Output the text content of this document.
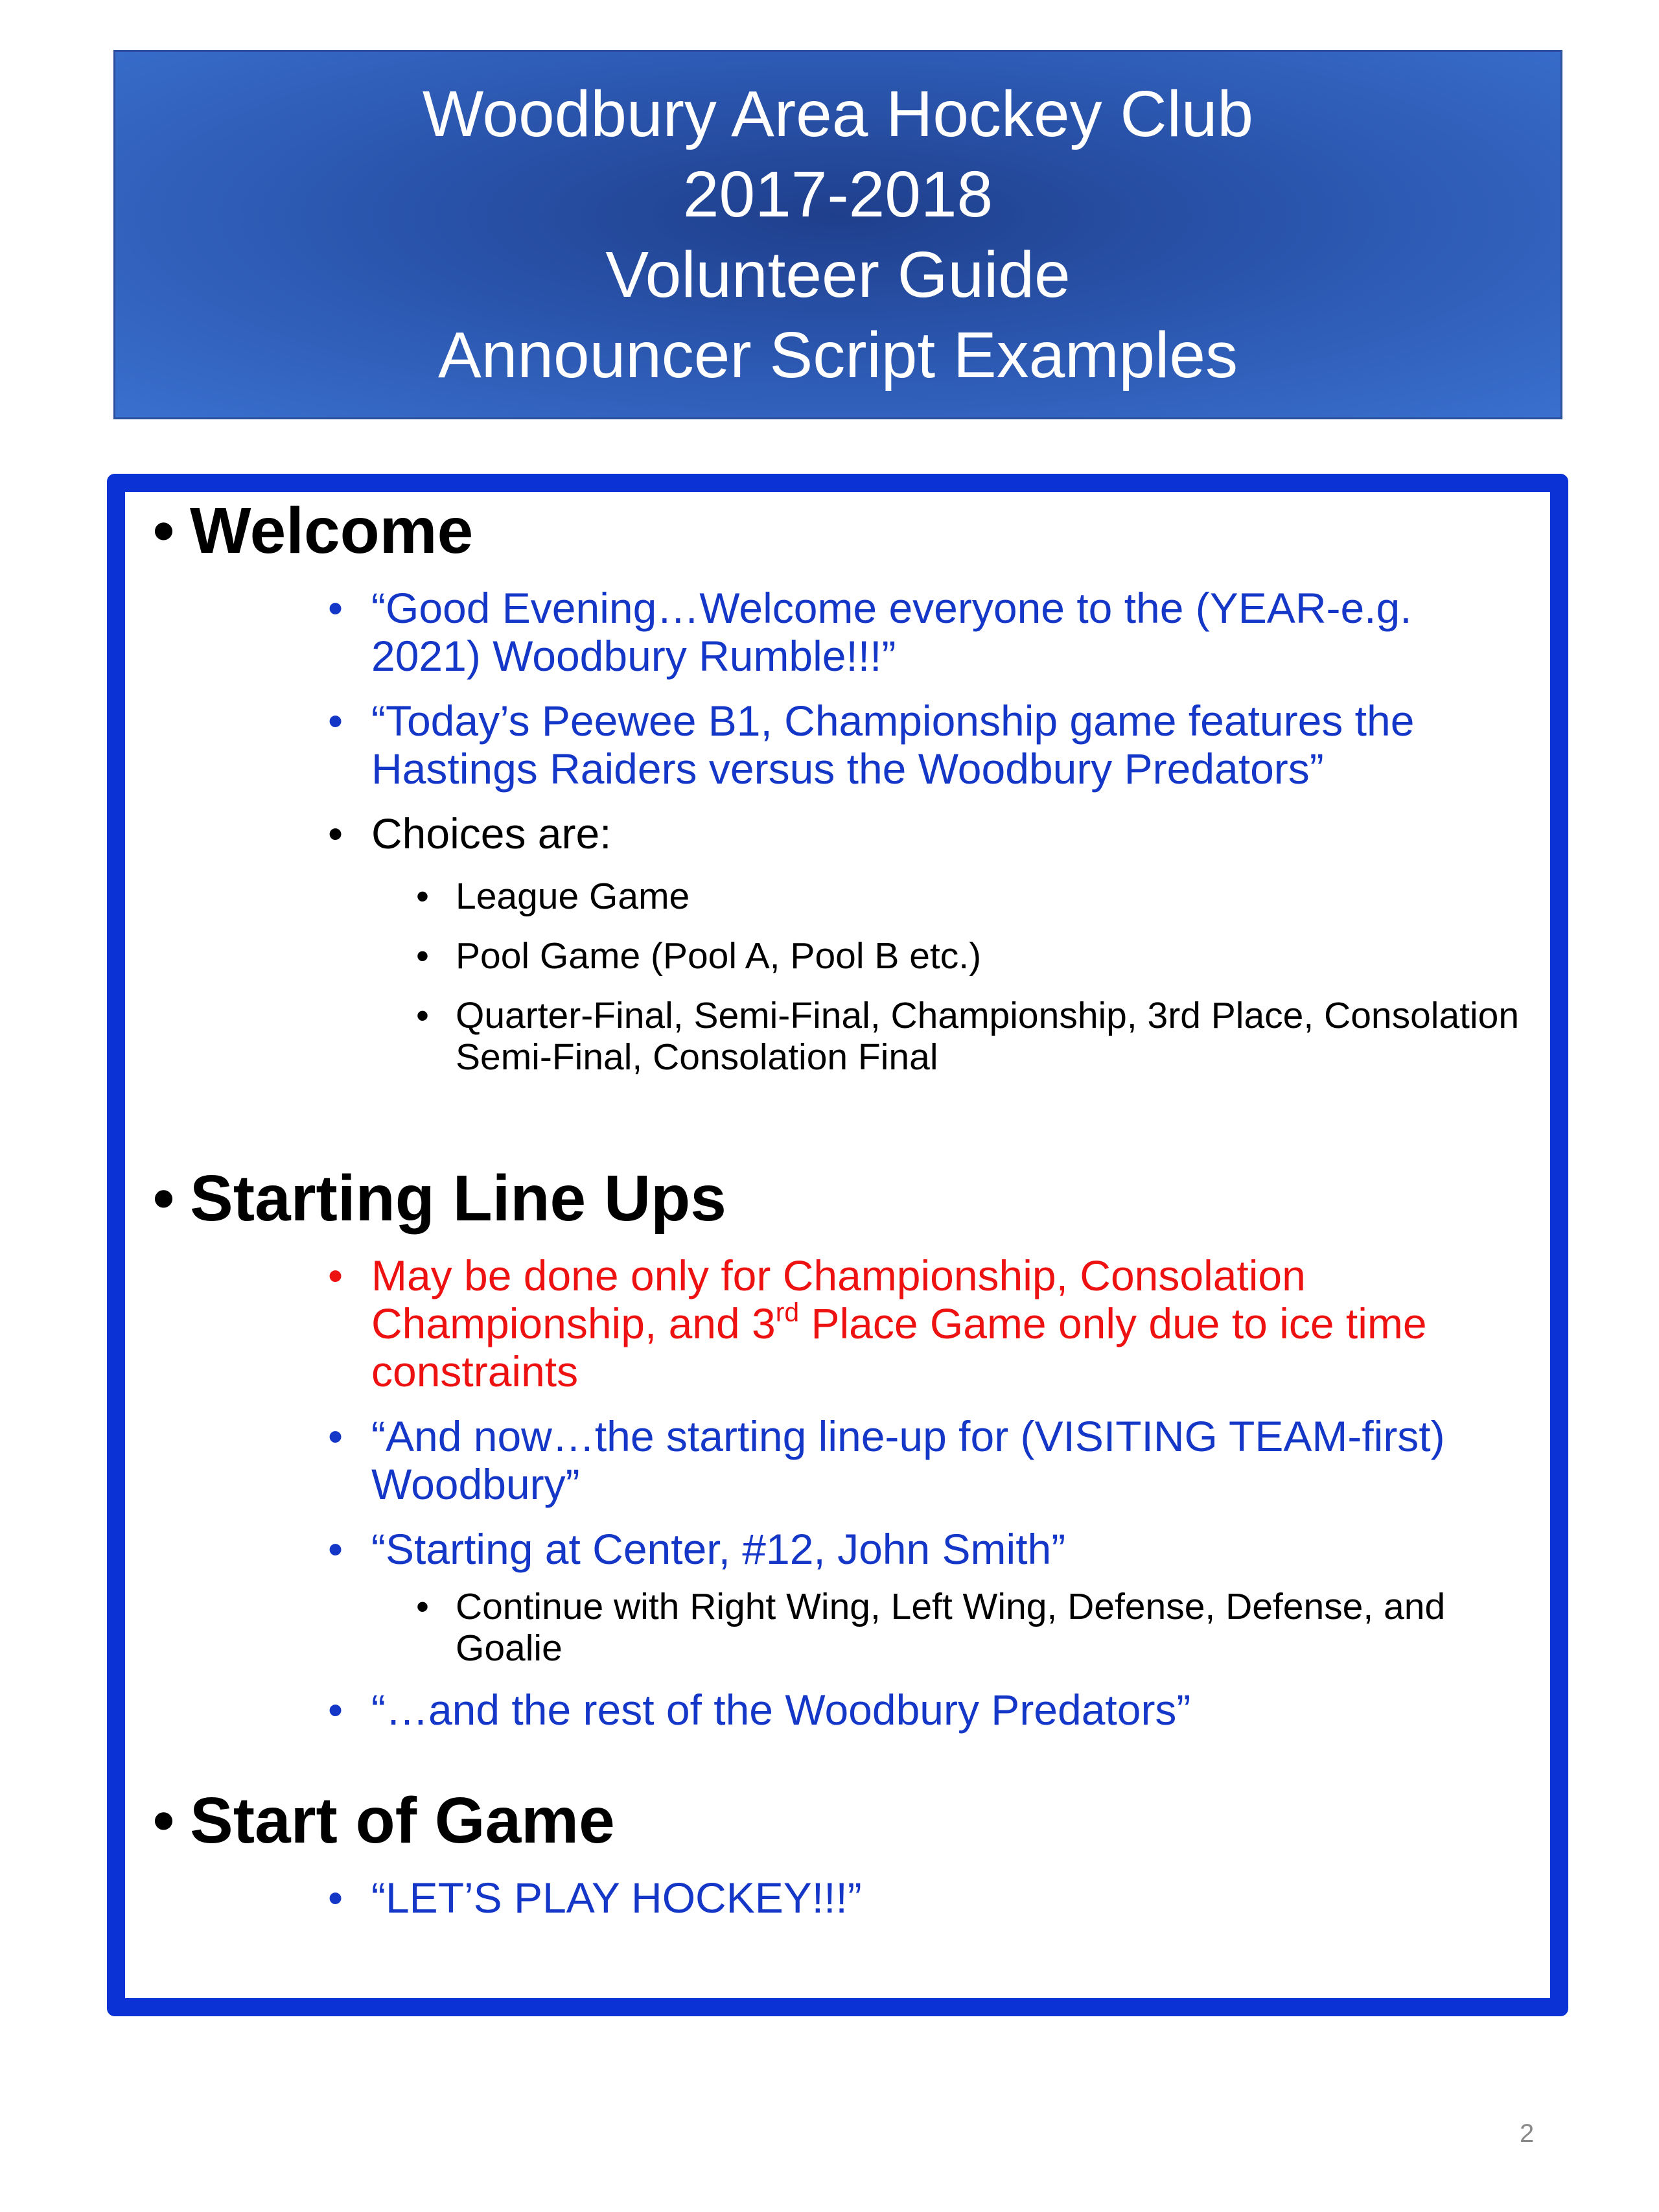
Woodbury Area Hockey Club
2017-2018
Volunteer Guide
Announcer Script Examples
• Welcome
• “Good Evening…Welcome everyone to the (YEAR-e.g. 2021) Woodbury Rumble!!!”
• “Today’s Peewee B1, Championship game features the Hastings Raiders versus the Woodbury Predators”
• Choices are:
• League Game
• Pool Game (Pool A, Pool B etc.)
• Quarter-Final, Semi-Final, Championship, 3rd Place, Consolation Semi-Final, Consolation Final
• Starting Line Ups
• May be done only for Championship, Consolation Championship, and 3rd Place Game only due to ice time constraints
• “And now…the starting line-up for (VISITING TEAM-first) Woodbury”
• “Starting at Center, #12, John Smith”
• Continue with Right Wing, Left Wing, Defense, Defense, and Goalie
• “…and the rest of the Woodbury Predators”
• Start of Game
• “LET’S PLAY HOCKEY!!!”
2
